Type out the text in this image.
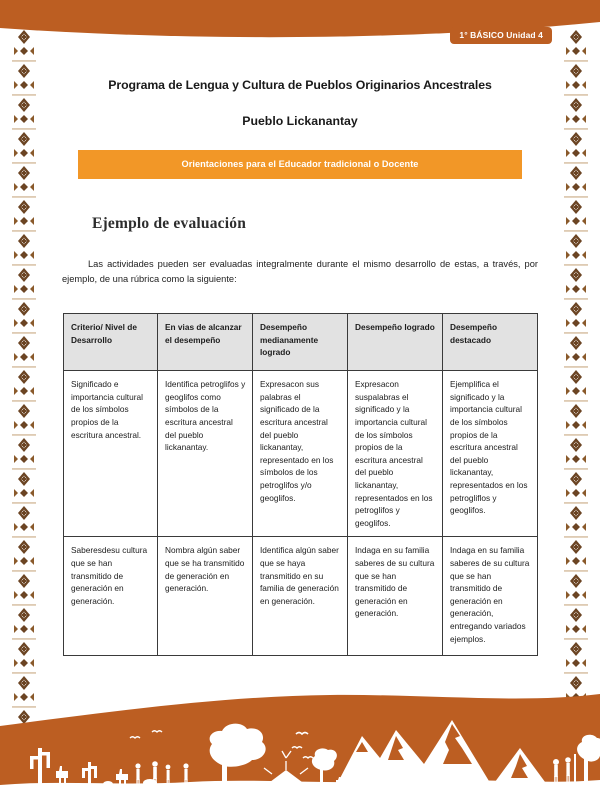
1° BÁSICO Unidad 4
Programa de Lengua y Cultura de Pueblos Originarios Ancestrales
Pueblo Lickanantay
Orientaciones para el Educador tradicional o Docente
Ejemplo de evaluación
Las actividades pueden ser evaluadas integralmente durante el mismo desarrollo de estas, a través, por ejemplo, de una rúbrica como la siguiente:
Criterio/ Nivel de Desarrollo	En vias de alcanzar el desempeño	Desempeño medianamente logrado	Desempeño logrado	Desempeño destacado
Significado e importancia cultural de los símbolos propios de la escritura ancestral.	Identifica petroglifos y geoglifos como símbolos de la escritura ancestral del pueblo lickanantay.	Expresacon sus palabras el significado de la escritura ancestral del pueblo lickanantay, representado en los símbolos de los petroglifos y/o geoglifos.	Expresacon suspalabras el significado y la importancia cultural de los símbolos propios de la escritura ancestral del pueblo lickanantay, representados en los petroglifos y geoglifos.	Ejemplifica el significado y la importancia cultural de los símbolos propios de la escritura ancestral del pueblo lickanantay, representados en los petrogliflos y geoglifos.
Saberesdesu cultura que se han transmitido de generación en generación.	Nombra algún saber que se ha transmitido de generación en generación.	Identifica algún saber que se haya transmitido en su familia de generación en generación.	Indaga en su familia saberes de su cultura que se han transmitido de generación en generación.	Indaga en su familia saberes de su cultura que se han transmitido de generación en generación, entregando variados ejemplos.
